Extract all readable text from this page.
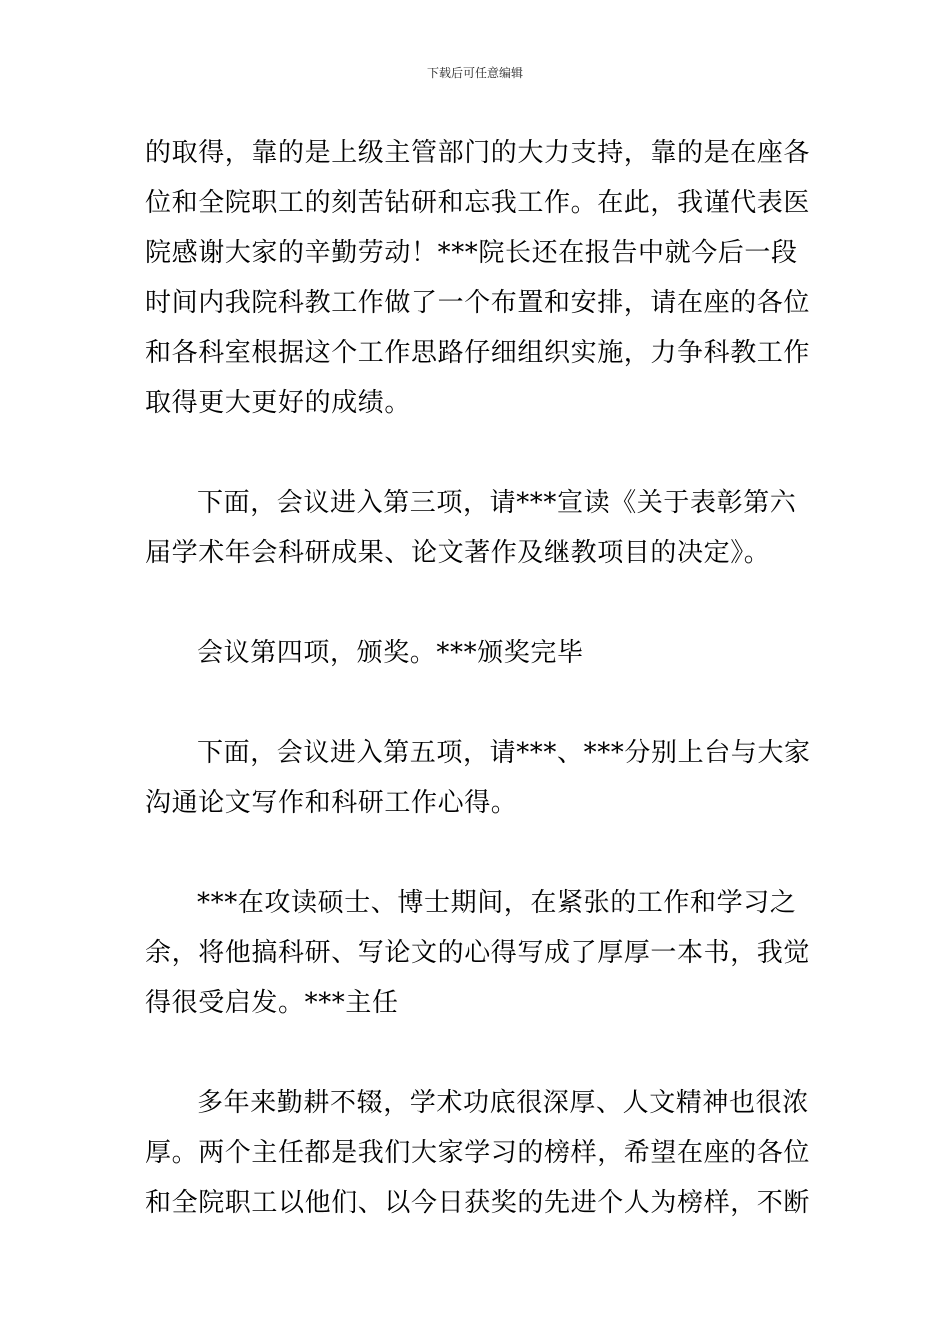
下载后可任意编辑

的取得，靠的是上级主管部门的大力支持，靠的是在座各位和全院职工的刻苦钻研和忘我工作。在此，我谨代表医院感谢大家的辛勤劳动！***院长还在报告中就今后一段时间内我院科教工作做了一个布置和安排，请在座的各位和各科室根据这个工作思路仔细组织实施，力争科教工作取得更大更好的成绩。

下面，会议进入第三项，请***宣读《关于表彰第六届学术年会科研成果、论文著作及继教项目的决定》。

会议第四项，颁奖。***颁奖完毕

下面，会议进入第五项，请***、***分别上台与大家沟通论文写作和科研工作心得。

***在攻读硕士、博士期间，在紧张的工作和学习之余，将他搞科研、写论文的心得写成了厚厚一本书，我觉得很受启发。***主任

多年来勤耕不辍，学术功底很深厚、人文精神也很浓厚。两个主任都是我们大家学习的榜样，希望在座的各位和全院职工以他们、以今日获奖的先进个人为榜样，不断
